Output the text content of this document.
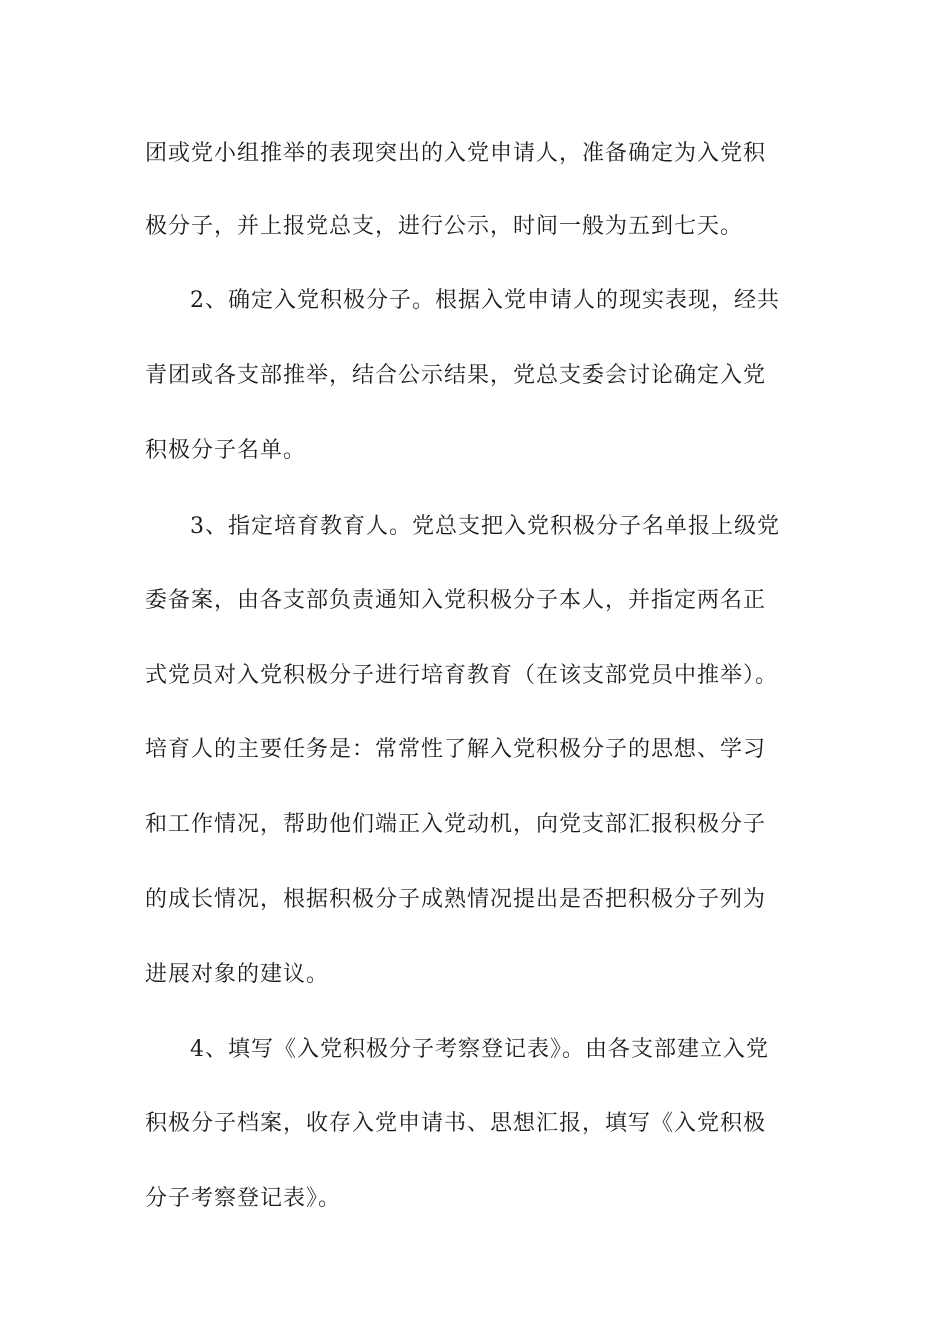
团或党小组推举的表现突出的入党申请人，准备确定为入党积
极分子，并上报党总支，进行公示，时间一般为五到七天。
2、确定入党积极分子。根据入党申请人的现实表现，经共
青团或各支部推举，结合公示结果，党总支委会讨论确定入党
积极分子名单。
3、指定培育教育人。党总支把入党积极分子名单报上级党
委备案，由各支部负责通知入党积极分子本人，并指定两名正
式党员对入党积极分子进行培育教育（在该支部党员中推举）。
培育人的主要任务是：常常性了解入党积极分子的思想、学习
和工作情况，帮助他们端正入党动机，向党支部汇报积极分子
的成长情况，根据积极分子成熟情况提出是否把积极分子列为
进展对象的建议。
4、填写《入党积极分子考察登记表》。由各支部建立入党
积极分子档案，收存入党申请书、思想汇报，填写《入党积极
分子考察登记表》。
